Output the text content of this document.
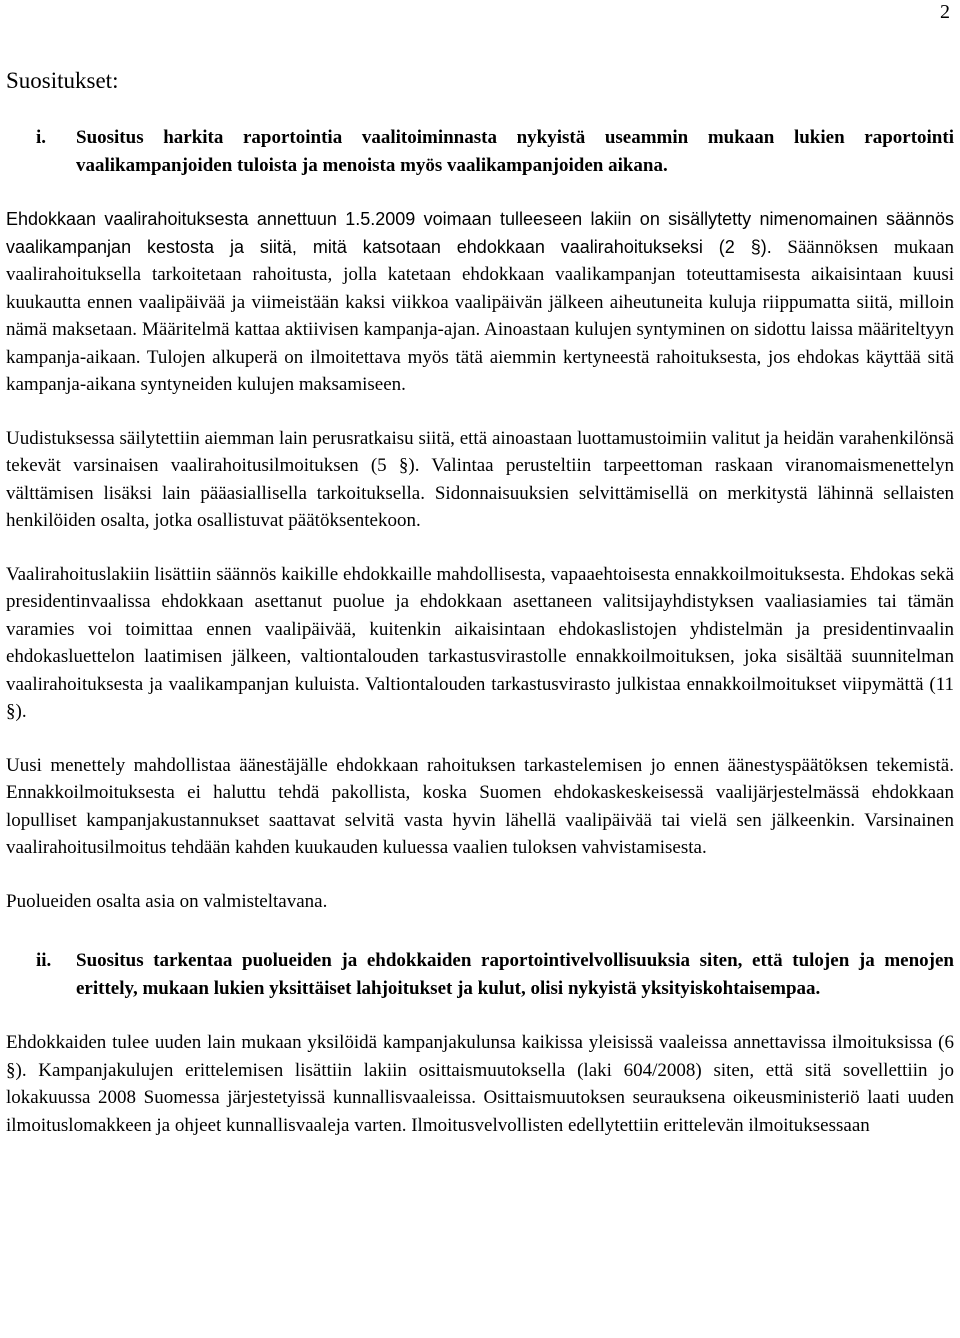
2
Suositukset:
i.	Suositus harkita raportointia vaalitoiminnasta nykyistä useammin mukaan lukien raportointi vaalikampanjoiden tuloista ja menoista myös vaalikampanjoiden aikana.

Ehdokkaan vaalirahoituksesta annettuun 1.5.2009 voimaan tulleeseen lakiin on sisällytetty nimenomainen säännös vaalikampanjan kestosta ja siitä, mitä katsotaan ehdokkaan vaalirahoitukseksi (2 §). Säännöksen mukaan vaalirahoituksella tarkoitetaan rahoitusta, jolla katetaan ehdokkaan vaalikampanjan toteuttamisesta aikaisintaan kuusi kuukautta ennen vaalipäivää ja viimeistään kaksi viikkoa vaalipäivän jälkeen aiheutuneita kuluja riippumatta siitä, milloin nämä maksetaan. Määritelmä kattaa aktiivisen kampanja-ajan. Ainoastaan kulujen syntyminen on sidottu laissa määriteltyyn kampanja-aikaan. Tulojen alkuperä on ilmoitettava myös tätä aiemmin kertyneestä rahoituksesta, jos ehdokas käyttää sitä kampanja-aikana syntyneiden kulujen maksamiseen.

Uudistuksessa säilytettiin aiemman lain perusratkaisu siitä, että ainoastaan luottamustoimiin valitut ja heidän varahenkilönsä tekevät varsinaisen vaalirahoitusilmoituksen (5 §). Valintaa perusteltiin tarpeettoman raskaan viranomaismenettelyn välttämisen lisäksi lain pääasiallisella tarkoituksella. Sidonnaisuuksien selvittämisellä on merkitystä lähinnä sellaisten henkilöiden osalta, jotka osallistuvat päätöksentekoon.

Vaalirahoituslakiin lisättiin säännös kaikille ehdokkaille mahdollisesta, vapaaehtoisesta ennakkoilmoituksesta. Ehdokas sekä presidentinvaalissa ehdokkaan asettanut puolue ja ehdokkaan asettaneen valitsijayhdistyksen vaaliasiamies tai tämän varamies voi toimittaa ennen vaalipäivää, kuitenkin aikaisintaan ehdokaslistojen yhdistelmän ja presidentinvaalin ehdokasluettelon laatimisen jälkeen, valtiontalouden tarkastusvirastolle ennakkoilmoituksen, joka sisältää suunnitelman vaalirahoituksesta ja vaalikampanjan kuluista. Valtiontalouden tarkastusvirasto julkistaa ennakkoilmoitukset viipymättä (11 §).

Uusi menettely mahdollistaa äänestäjälle ehdokkaan rahoituksen tarkastelemisen jo ennen äänestyspäätöksen tekemistä. Ennakkoilmoituksesta ei haluttu tehdä pakollista, koska Suomen ehdokaskeskeisessä vaalijärjestelmässä ehdokkaan lopulliset kampanjakustannukset saattavat selvitä vasta hyvin lähellä vaalipäivää tai vielä sen jälkeenkin. Varsinainen vaalirahoitusilmoitus tehdään kahden kuukauden kuluessa vaalien tuloksen vahvistamisesta.

Puolueiden osalta asia on valmisteltavana.

ii.	Suositus tarkentaa puolueiden ja ehdokkaiden raportointivelvollisuuksia siten, että tulojen ja menojen erittely, mukaan lukien yksittäiset lahjoitukset ja kulut, olisi nykyistä yksityiskohtaisempaa.

Ehdokkaiden tulee uuden lain mukaan yksilöidä kampanjakulunsa kaikissa yleisissä vaaleissa annettavissa ilmoituksissa (6 §). Kampanjakulujen erittelemisen lisättiin lakiin osittaismuutoksella (laki 604/2008) siten, että sitä sovellettiin jo lokakuussa 2008 Suomessa järjestetyissä kunnallisvaaleissa. Osittaismuutoksen seurauksena oikeusministeriö laati uuden ilmoituslomakkeen ja ohjeet kunnallisvaaleja varten. Ilmoitusvelvollisten edellytettiin erittelevän ilmoituksessaan
